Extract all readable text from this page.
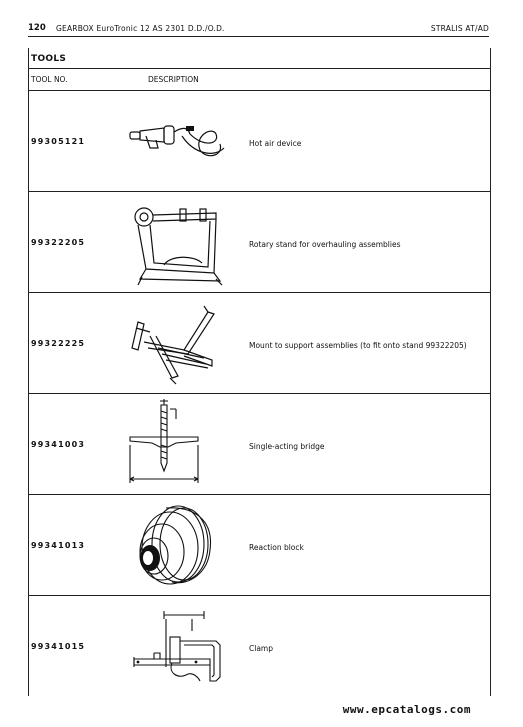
120 GEARBOX EuroTronic 12 AS 2301 D.D./O.D.	STRALIS AT/AD
TOOLS
TOOL NO.	DESCRIPTION
99305121	Hot air device
99322205	Rotary stand for overhauling assemblies
99322225	Mount to support assemblies (to fit onto stand 99322205)
99341003	Single-acting bridge
99341013	Reaction block
99341015	Clamp
www.epcatalogs.com
